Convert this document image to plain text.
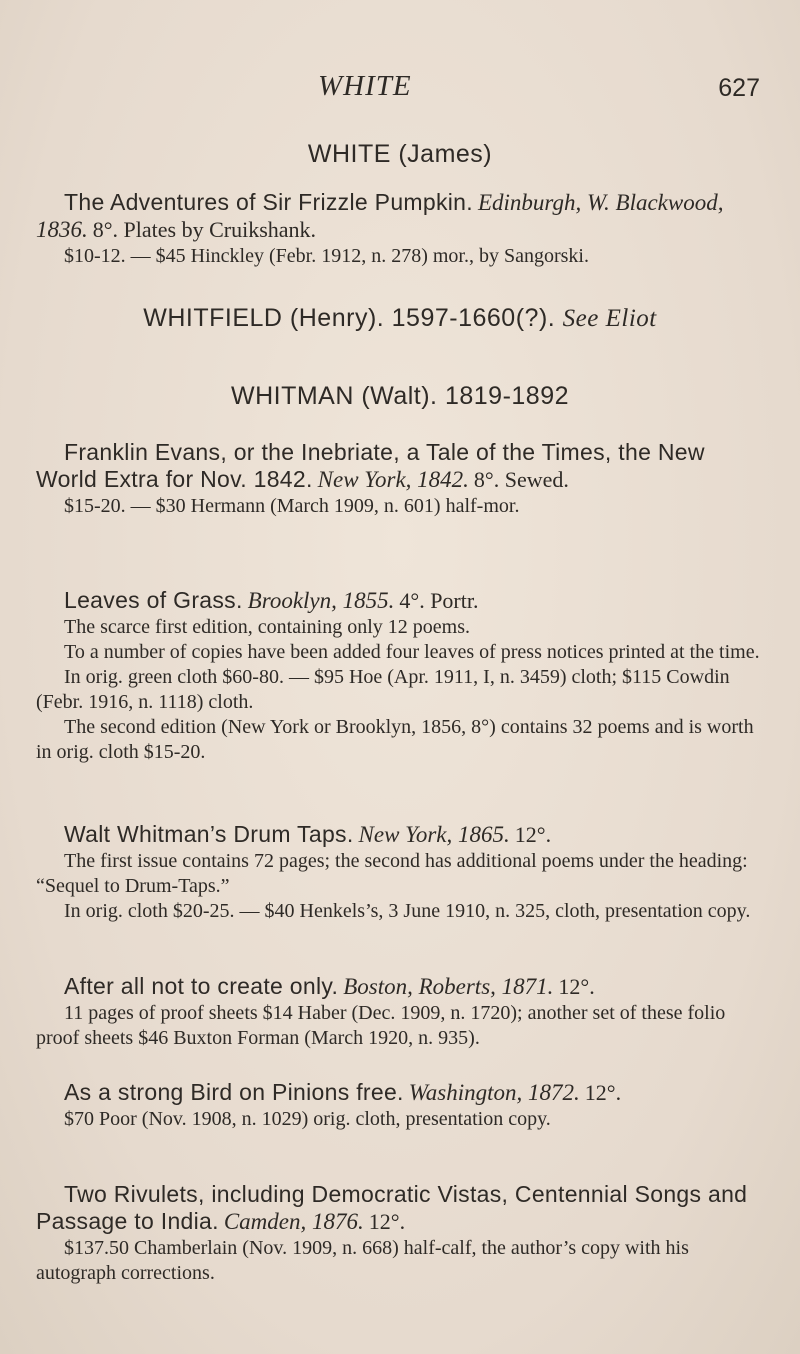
WHITE	627
WHITE (James)

The Adventures of Sir Frizzle Pumpkin. Edinburgh, W. Blackwood, 1836. 8°. Plates by Cruikshank.

$10-12. — $45 Hinckley (Febr. 1912, n. 278) mor., by Sangorski.

WHITFIELD (Henry). 1597-1660(?). See Eliot
WHITMAN (Walt). 1819-1892

Franklin Evans, or the Inebriate, a Tale of the Times, the New World Extra for Nov. 1842. New York, 1842. 8°. Sewed.

$15-20. — $30 Hermann (March 1909, n. 601) half-mor.

Leaves of Grass. Brooklyn, 1855. 4°. Portr.

The scarce first edition, containing only 12 poems.

To a number of copies have been added four leaves of press notices printed at the time.

In orig. green cloth $60-80. — $95 Hoe (Apr. 1911, I, n. 3459) cloth; $115 Cowdin (Febr. 1916, n. 1118) cloth.

The second edition (New York or Brooklyn, 1856, 8°) contains 32 poems and is worth in orig. cloth $15-20.

Walt Whitman’s Drum Taps. New York, 1865. 12°.

The first issue contains 72 pages; the second has additional poems under the heading: “Sequel to Drum-Taps.”

In orig. cloth $20-25. — $40 Henkels’s, 3 June 1910, n. 325, cloth, presentation copy.

After all not to create only. Boston, Roberts, 1871. 12°.

11 pages of proof sheets $14 Haber (Dec. 1909, n. 1720); another set of these folio proof sheets $46 Buxton Forman (March 1920, n. 935).

As a strong Bird on Pinions free. Washington, 1872. 12°.

$70 Poor (Nov. 1908, n. 1029) orig. cloth, presentation copy.

Two Rivulets, including Democratic Vistas, Centennial Songs and Passage to India. Camden, 1876. 12°.

$137.50 Chamberlain (Nov. 1909, n. 668) half-calf, the author’s copy with his autograph corrections.
